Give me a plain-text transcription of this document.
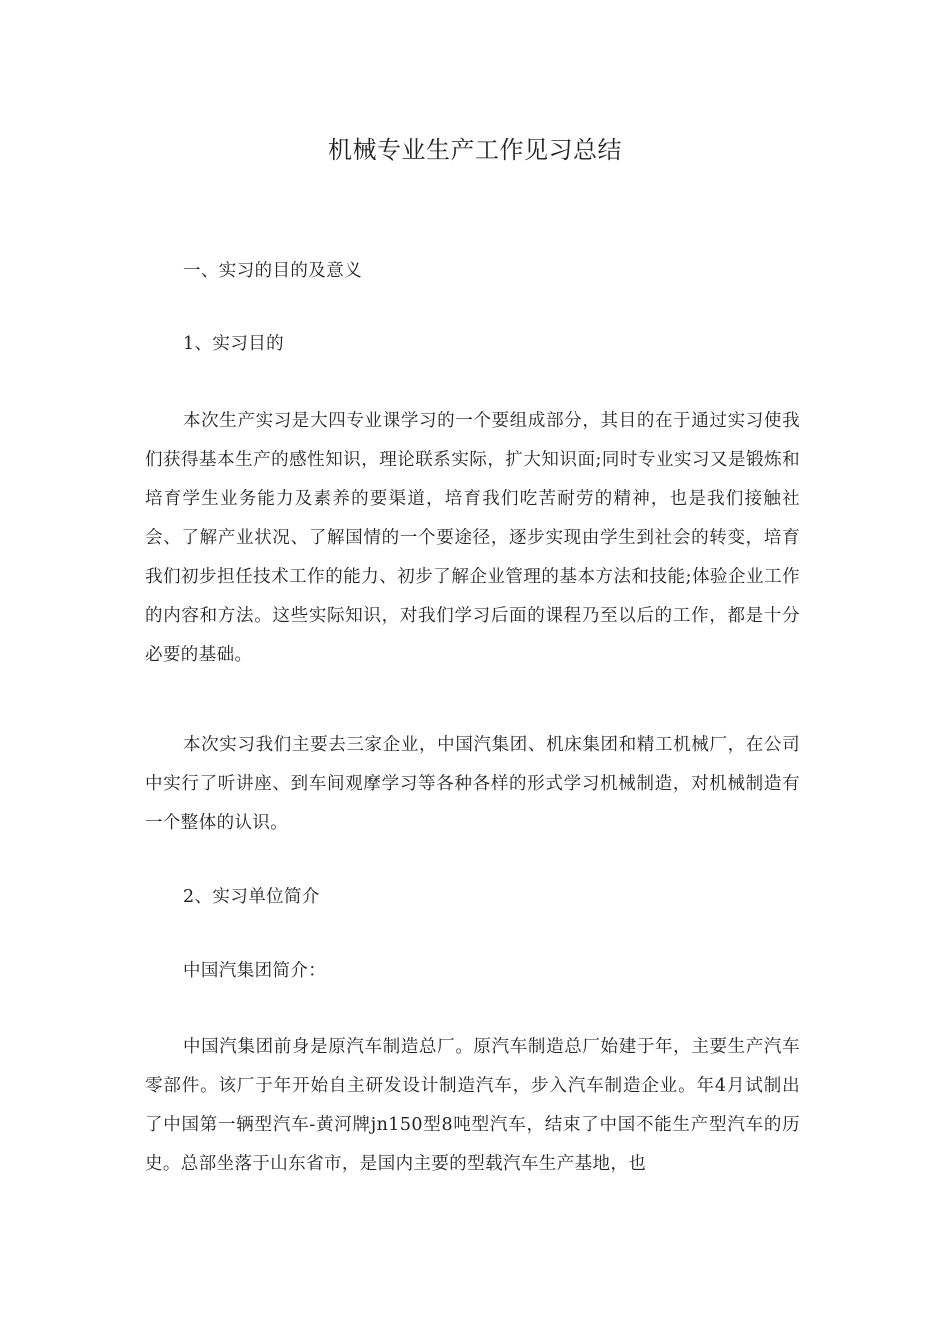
机械专业生产工作见习总结
一、实习的目的及意义
1、实习目的
本次生产实习是大四专业课学习的一个要组成部分，其目的在于通过实习使我们获得基本生产的感性知识，理论联系实际，扩大知识面;同时专业实习又是锻炼和培育学生业务能力及素养的要渠道，培育我们吃苦耐劳的精神，也是我们接触社会、了解产业状况、了解国情的一个要途径，逐步实现由学生到社会的转变，培育我们初步担任技术工作的能力、初步了解企业管理的基本方法和技能;体验企业工作的内容和方法。这些实际知识，对我们学习后面的课程乃至以后的工作，都是十分必要的基础。
本次实习我们主要去三家企业，中国汽集团、机床集团和精工机械厂，在公司中实行了听讲座、到车间观摩学习等各种各样的形式学习机械制造，对机械制造有一个整体的认识。
2、实习单位简介
中国汽集团简介：
中国汽集团前身是原汽车制造总厂。原汽车制造总厂始建于年，主要生产汽车零部件。该厂于年开始自主研发设计制造汽车，步入汽车制造企业。年4月试制出了中国第一辆型汽车-黄河牌jn150型8吨型汽车，结束了中国不能生产型汽车的历史。总部坐落于山东省市，是国内主要的型载汽车生产基地，也
